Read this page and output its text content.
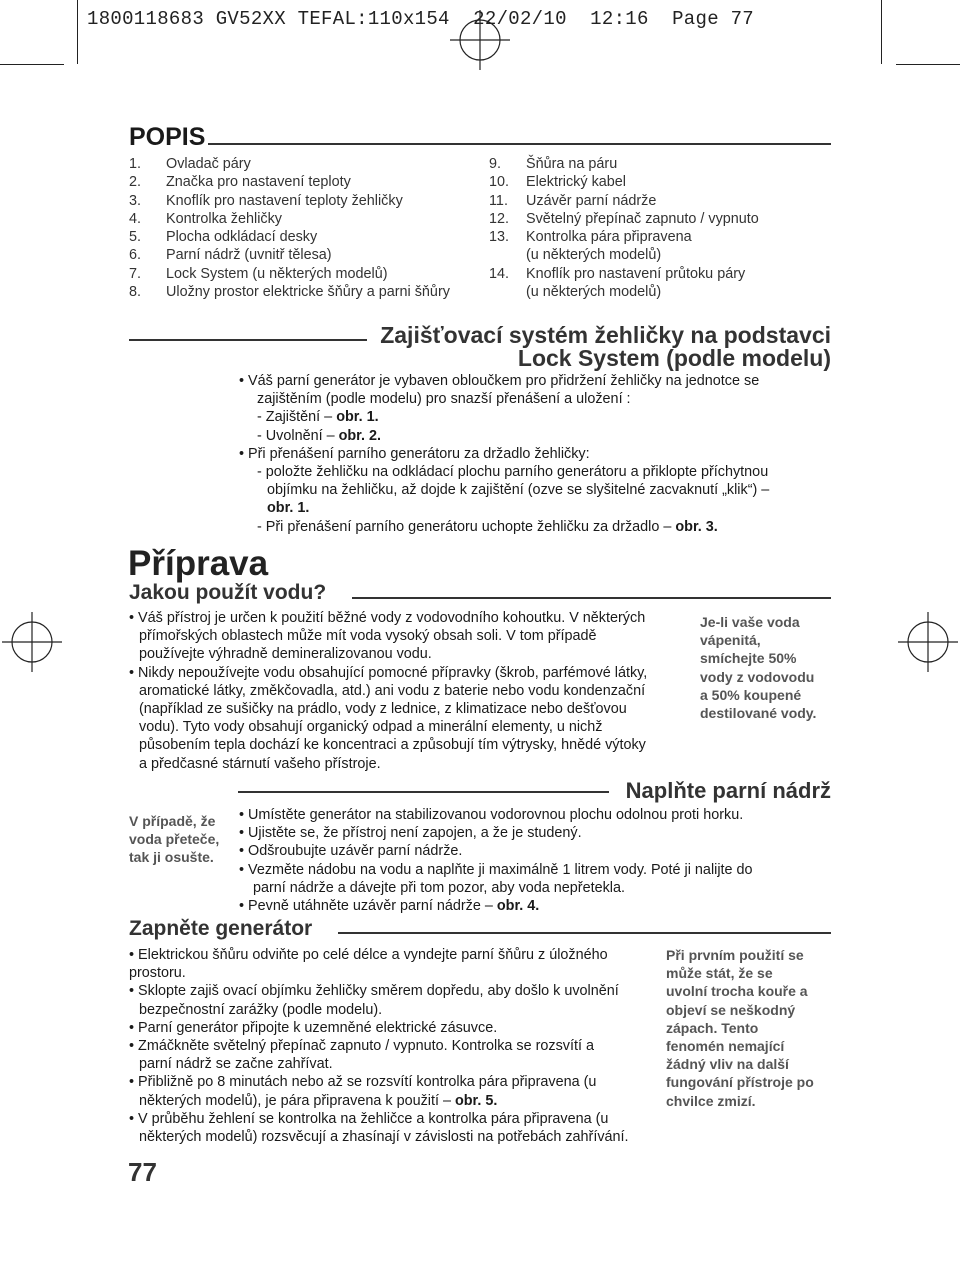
1800118683 GV52XX TEFAL:110x154  22/02/10  12:16  Page 77
POPIS
1. Ovladač páry
2. Značka pro nastavení teploty
3. Knoflík pro nastavení teploty žehličky
4. Kontrolka žehličky
5. Plocha odkládací desky
6. Parní nádrž (uvnitř tělesa)
7. Lock System (u některých modelů)
8. Uložny prostor elektricke šňůry a parni šňůry
9. Šňůra na páru
10. Elektrický kabel
11. Uzávěr parní nádrže
12. Světelný přepínač zapnuto / vypnuto
13. Kontrolka pára připravena
(u některých modelů)
14. Knoflík pro nastavení průtoku páry
(u některých modelů)
Zajišťovací systém žehličky na podstavci
Lock System (podle modelu)

• Váš parní generátor je vybaven obloučkem pro přidržení žehličky na jednotce se

zajištěním (podle modelu) pro snazší přenášení a uložení :

- Zajištění – obr. 1.

- Uvolnění – obr. 2.

• Při přenášení parního generátoru za držadlo žehličky:

- položte žehličku na odkládací plochu parního generátoru a přiklopte příchytnou

objímku na žehličku, až dojde k zajištění (ozve se slyšitelné zacvaknutí „klik“) –

obr. 1.

- Při přenášení parního generátoru uchopte žehličku za držadlo – obr. 3.

Příprava
Jakou použít vodu?

• Váš přístroj je určen k použití běžné vody z vodovodního kohoutku. V některých

přímořských oblastech může mít voda vysoký obsah soli. V tom případě

používejte výhradně demineralizovanou vodu.

• Nikdy nepoužívejte vodu obsahující pomocné přípravky (škrob, parfémové látky,

aromatické látky, změkčovadla, atd.) ani vodu z baterie nebo vodu kondenzační

(například ze sušičky na prádlo, vody z lednice, z klimatizace nebo dešťovou

vodu). Tyto vody obsahují organický odpad a minerální elementy, u nichž

působením tepla dochází ke koncentraci a způsobují tím výtrysky, hnědé výtoky

a předčasné stárnutí vašeho přístroje.

Je-li vaše voda

vápenitá,

smíchejte 50%

vody z vodovodu

a 50% koupené

destilované vody.

Naplňte parní nádrž

V případě, že

voda přeteče,

tak ji osušte.

• Umístěte generátor na stabilizovanou vodorovnou plochu odolnou proti horku.

• Ujistěte se, že přístroj není zapojen, a že je studený.

• Odšroubujte uzávěr parní nádrže.

• Vezměte nádobu na vodu a naplňte ji maximálně 1 litrem vody. Poté ji nalijte do

parní nádrže a dávejte při tom pozor, aby voda nepřetekla.

• Pevně utáhněte uzávěr parní nádrže – obr. 4.

Zapněte generátor

• Elektrickou šňůru odviňte po celé délce a vyndejte parní šňůru z úložného

prostoru.

• Sklopte zajiš ovací objímku žehličky směrem dopředu, aby došlo k uvolnění

bezpečnostní zarážky (podle modelu).

• Parní generátor připojte k uzemněné elektrické zásuvce.

• Zmáčkněte světelný přepínač zapnuto / vypnuto. Kontrolka se rozsvítí a

parní nádrž se začne zahřívat.

• Přibližně po 8 minutách nebo až se rozsvítí kontrolka pára připravena (u

některých modelů), je pára připravena k použití – obr. 5.

• V průběhu žehlení se kontrolka na žehličce a kontrolka pára připravena (u

některých modelů) rozsvěcují a zhasínají v závislosti na potřebách zahřívání.

Při prvním použití se

může stát, že se

uvolní trocha kouře a

objeví se neškodný

zápach. Tento

fenomén nemající

žádný vliv na další

fungování přístroje po

chvilce zmizí.

77
